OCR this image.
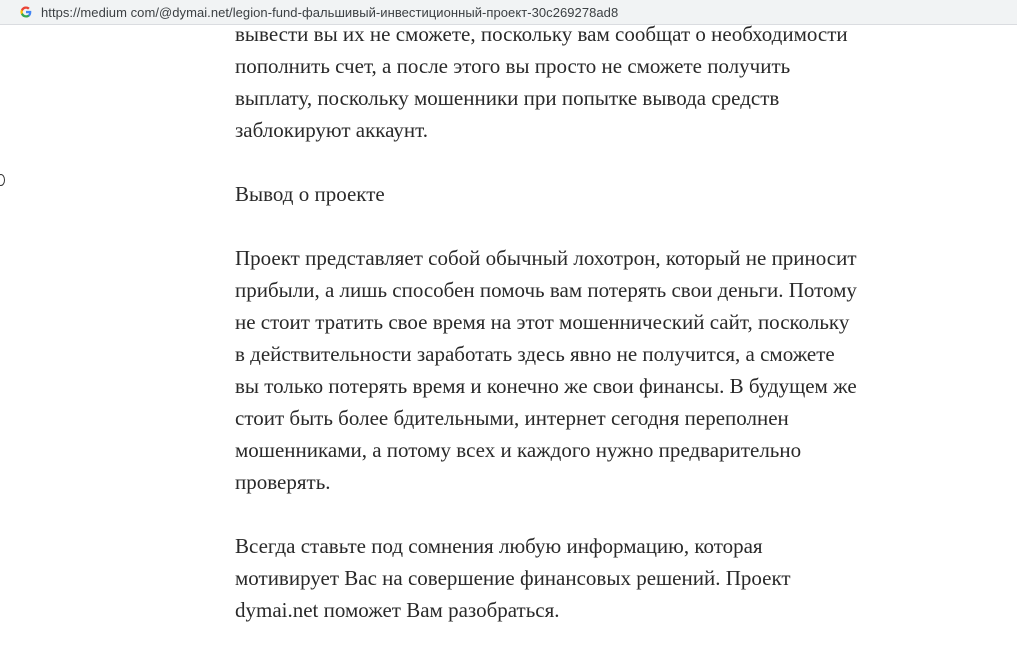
https://medium com/@dymai.net/legion-fund-фальшивый-инвестиционный-проект-30c269278ad8

вывести вы их не сможете, поскольку вам сообщат о необходимости
пополнить счет, а после этого вы просто не сможете получить
выплату, поскольку мошенники при попытке вывода средств
заблокируют аккаунт.

Вывод о проекте

Проект представляет собой обычный лохотрон, который не приносит
прибыли, а лишь способен помочь вам потерять свои деньги. Потому
не стоит тратить свое время на этот мошеннический сайт, поскольку
в действительности заработать здесь явно не получится, а сможете
вы только потерять время и конечно же свои финансы. В будущем же
стоит быть более бдительными, интернет сегодня переполнен
мошенниками, а потому всех и каждого нужно предварительно
проверять.

Всегда ставьте под сомнения любую информацию, которая
мотивирует Вас на совершение финансовых решений. Проект
dymai.net поможет Вам разобраться.
